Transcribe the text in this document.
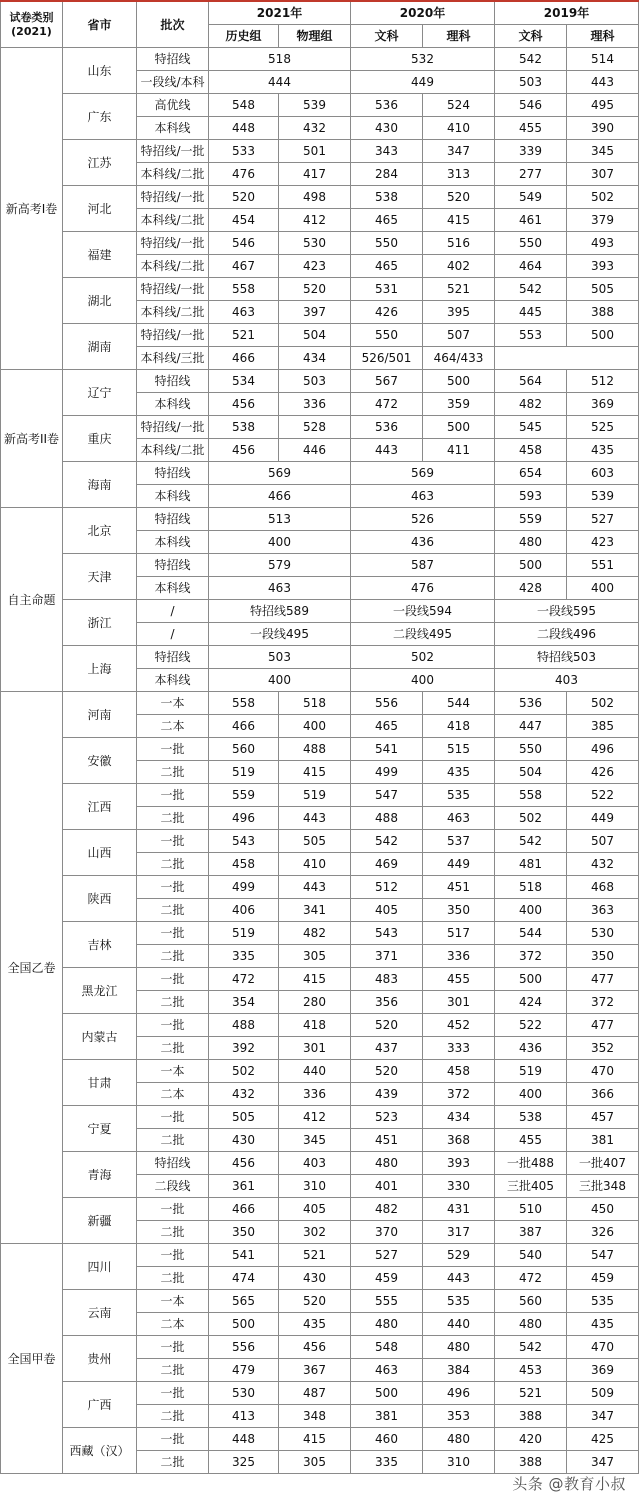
试卷类别
(2021)	省市	批次	2021年		2020年		2019年	
			历史组	物理组	文科	理科	文科	理科
新高考I卷	山东	特招线	518		532		542	514
		一段线/本科	444		449		503	443
	广东	高优线	548	539	536	524	546	495
		本科线	448	432	430	410	455	390
	江苏	特招线/一批	533	501	343	347	339	345
		本科线/二批	476	417	284	313	277	307
	河北	特招线/一批	520	498	538	520	549	502
		本科线/二批	454	412	465	415	461	379
	福建	特招线/一批	546	530	550	516	550	493
		本科线/二批	467	423	465	402	464	393
	湖北	特招线/一批	558	520	531	521	542	505
		本科线/二批	463	397	426	395	445	388
	湖南	特招线/一批	521	504	550	507	553	500
		本科线/三批	466	434	526/501	464/433		
新高考II卷	辽宁	特招线	534	503	567	500	564	512
		本科线	456	336	472	359	482	369
	重庆	特招线/一批	538	528	536	500	545	525
		本科线/二批	456	446	443	411	458	435
	海南	特招线	569		569		654	603
		本科线	466		463		593	539
自主命题	北京	特招线	513		526		559	527
		本科线	400		436		480	423
	天津	特招线	579		587		500	551
		本科线	463		476		428	400
	浙江	/	特招线589		一段线594		一段线595	
		/	一段线495		二段线495		二段线496	
	上海	特招线	503		502		特招线503	
		本科线	400		400		403	
全国乙卷	河南	一本	558	518	556	544	536	502
		二本	466	400	465	418	447	385
	安徽	一批	560	488	541	515	550	496
		二批	519	415	499	435	504	426
	江西	一批	559	519	547	535	558	522
		二批	496	443	488	463	502	449
	山西	一批	543	505	542	537	542	507
		二批	458	410	469	449	481	432
	陕西	一批	499	443	512	451	518	468
		二批	406	341	405	350	400	363
	吉林	一批	519	482	543	517	544	530
		二批	335	305	371	336	372	350
	黑龙江	一批	472	415	483	455	500	477
		二批	354	280	356	301	424	372
	内蒙古	一批	488	418	520	452	522	477
		二批	392	301	437	333	436	352
	甘肃	一本	502	440	520	458	519	470
		二本	432	336	439	372	400	366
	宁夏	一批	505	412	523	434	538	457
		二批	430	345	451	368	455	381
	青海	特招线	456	403	480	393	一批488	一批407
		二段线	361	310	401	330	三批405	三批348
	新疆	一批	466	405	482	431	510	450
		二批	350	302	370	317	387	326
全国甲卷	四川	一批	541	521	527	529	540	547
		二批	474	430	459	443	472	459
	云南	一本	565	520	555	535	560	535
		二本	500	435	480	440	480	435
	贵州	一批	556	456	548	480	542	470
		二批	479	367	463	384	453	369
	广西	一批	530	487	500	496	521	509
		二批	413	348	381	353	388	347
	西藏（汉）	一批	448	415	460	480	420	425
		二批	325	305	335	310	388	347
头条 @教育小叔
